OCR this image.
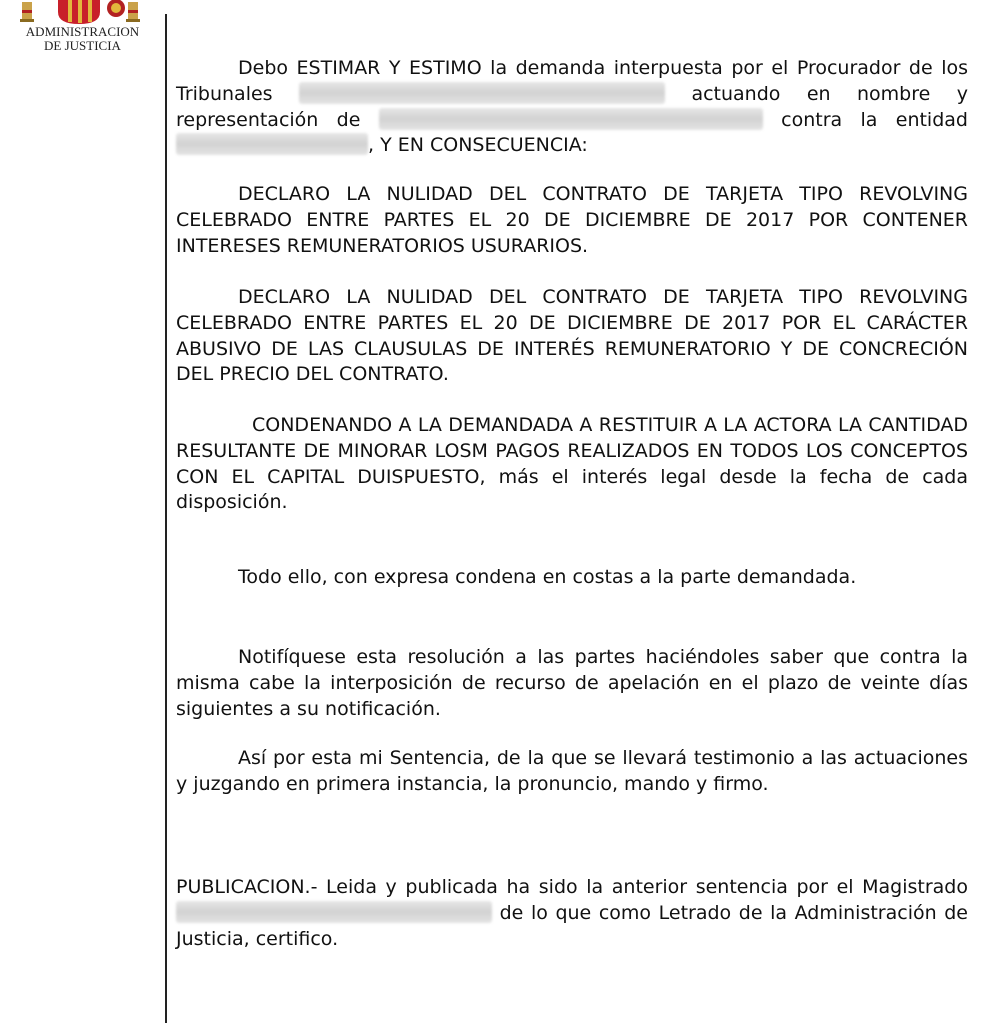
ADMINISTRACION
DE JUSTICIA

Debo ESTIMAR Y ESTIMO la demanda interpuesta por el Procurador de los Tribunales	actuando en nombre y representación de	contra la entidad , Y EN CONSECUENCIA:

DECLARO LA NULIDAD DEL CONTRATO DE TARJETA TIPO REVOLVING CELEBRADO ENTRE PARTES EL 20 DE DICIEMBRE DE 2017 POR CONTENER INTERESES REMUNERATORIOS USURARIOS.

DECLARO LA NULIDAD DEL CONTRATO DE TARJETA TIPO REVOLVING CELEBRADO ENTRE PARTES EL 20 DE DICIEMBRE DE 2017 POR EL CARÁCTER ABUSIVO DE LAS CLAUSULAS DE INTERÉS REMUNERATORIO Y DE CONCRECIÓN DEL PRECIO DEL CONTRATO.

CONDENANDO A LA DEMANDADA A RESTITUIR A LA ACTORA LA CANTIDAD RESULTANTE DE MINORAR LOSM PAGOS REALIZADOS EN TODOS LOS CONCEPTOS CON EL CAPITAL DUISPUESTO, más el interés legal desde la fecha de cada disposición.

Todo ello, con expresa condena en costas a la parte demandada.

Notifíquese esta resolución a las partes haciéndoles saber que contra la misma cabe la interposición de recurso de apelación en el plazo de veinte días siguientes a su notificación.

Así por esta mi Sentencia, de la que se llevará testimonio a las actuaciones y juzgando en primera instancia, la pronuncio, mando y firmo.

PUBLICACION.- Leida y publicada ha sido la anterior sentencia por el Magistrado  de lo que como Letrado de la Administración de Justicia, certifico.
